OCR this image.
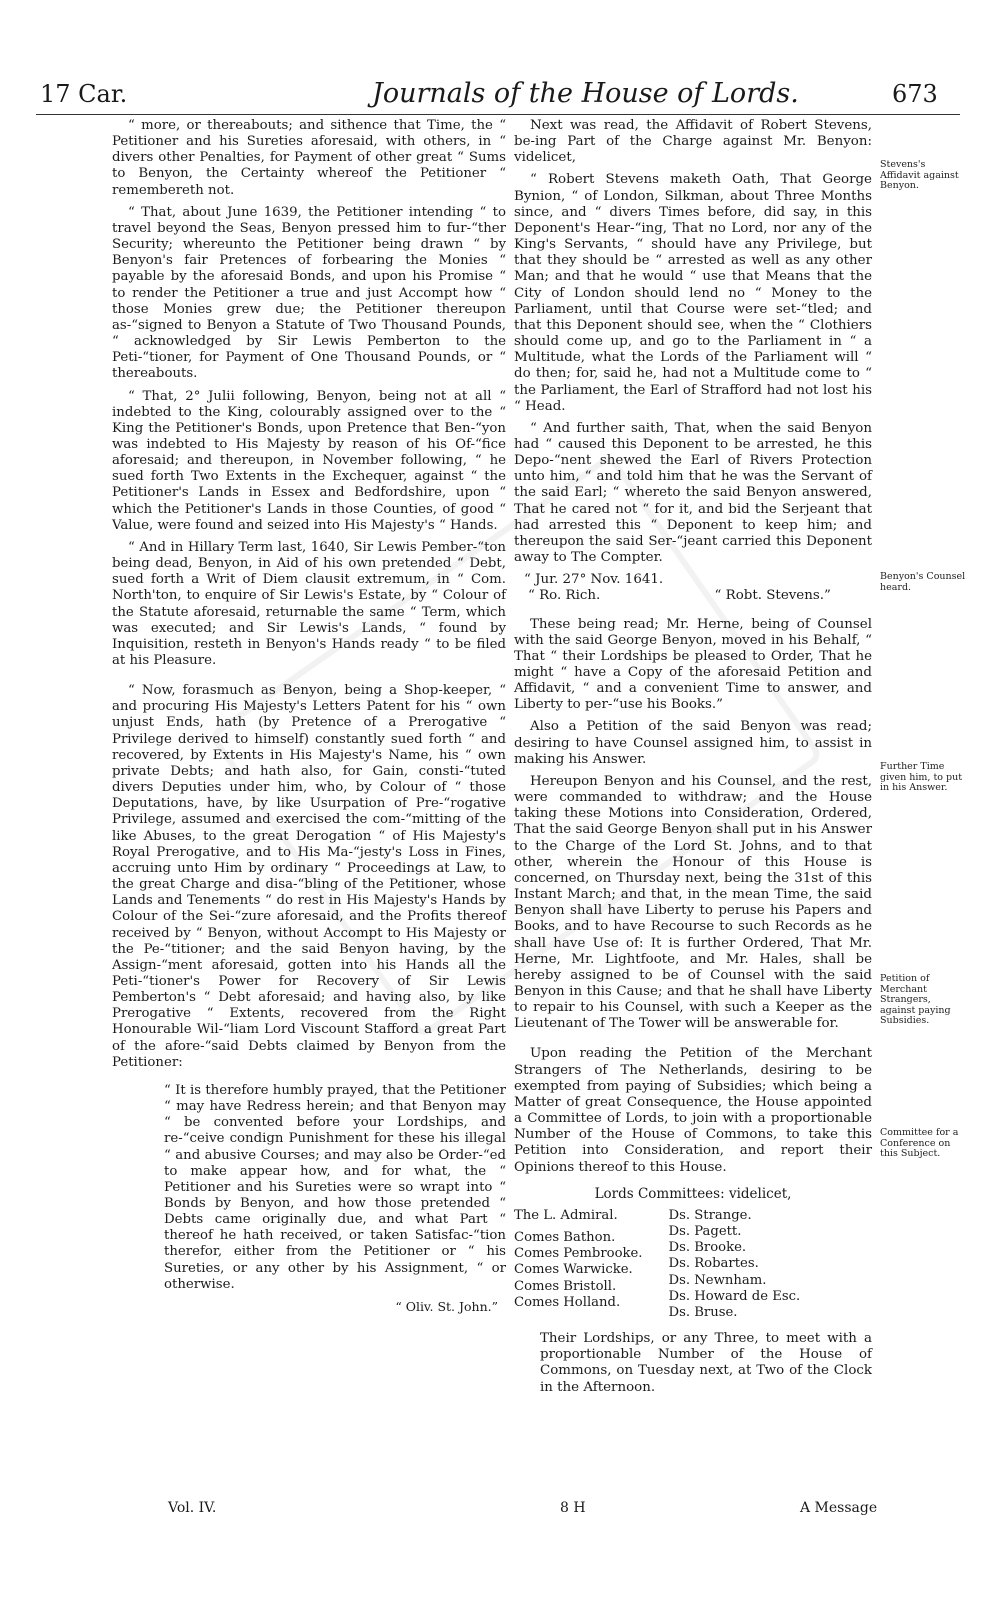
17 Car.	Journals of the House of Lords.	673

“ more, or thereabouts; and sithence that Time, the “ Petitioner and his Sureties aforesaid, with others, in “ divers other Penalties, for Payment of other great “ Sums to Benyon, the Certainty whereof the Petitioner “ remembereth not.

“ That, about June 1639, the Petitioner intending “ to travel beyond the Seas, Benyon pressed him to fur-“ther Security; whereunto the Petitioner being drawn “ by Benyon's fair Pretences of forbearing the Monies “ payable by the aforesaid Bonds, and upon his Promise “ to render the Petitioner a true and just Accompt how “ those Monies grew due; the Petitioner thereupon as-“signed to Benyon a Statute of Two Thousand Pounds, “ acknowledged by Sir Lewis Pemberton to the Peti-“tioner, for Payment of One Thousand Pounds, or “ thereabouts.

“ That, 2° Julii following, Benyon, being not at all “ indebted to the King, colourably assigned over to the “ King the Petitioner's Bonds, upon Pretence that Ben-“yon was indebted to His Majesty by reason of his Of-“fice aforesaid; and thereupon, in November following, “ he sued forth Two Extents in the Exchequer, against “ the Petitioner's Lands in Essex and Bedfordshire, upon “ which the Petitioner's Lands in those Counties, of good “ Value, were found and seized into His Majesty's “ Hands.

“ And in Hillary Term last, 1640, Sir Lewis Pember-“ton being dead, Benyon, in Aid of his own pretended “ Debt, sued forth a Writ of Diem clausit extremum, in “ Com. North'ton, to enquire of Sir Lewis's Estate, by “ Colour of the Statute aforesaid, returnable the same “ Term, which was executed; and Sir Lewis's Lands, “ found by Inquisition, resteth in Benyon's Hands ready “ to be filed at his Pleasure.

“ Now, forasmuch as Benyon, being a Shop-keeper, “ and procuring His Majesty's Letters Patent for his “ own unjust Ends, hath (by Pretence of a Prerogative “ Privilege derived to himself) constantly sued forth “ and recovered, by Extents in His Majesty's Name, his “ own private Debts; and hath also, for Gain, consti-“tuted divers Deputies under him, who, by Colour of “ those Deputations, have, by like Usurpation of Pre-“rogative Privilege, assumed and exercised the com-“mitting of the like Abuses, to the great Derogation “ of His Majesty's Royal Prerogative, and to His Ma-“jesty's Loss in Fines, accruing unto Him by ordinary “ Proceedings at Law, to the great Charge and disa-“bling of the Petitioner, whose Lands and Tenements “ do rest in His Majesty's Hands by Colour of the Sei-“zure aforesaid, and the Profits thereof received by “ Benyon, without Accompt to His Majesty or the Pe-“titioner; and the said Benyon having, by the Assign-“ment aforesaid, gotten into his Hands all the Peti-“tioner's Power for Recovery of Sir Lewis Pemberton's “ Debt aforesaid; and having also, by like Prerogative “ Extents, recovered from the Right Honourable Wil-“liam Lord Viscount Stafford a great Part of the afore-“said Debts claimed by Benyon from the Petitioner:

“ It is therefore humbly prayed, that the Petitioner “ may have Redress herein; and that Benyon may “ be convented before your Lordships, and re-“ceive condign Punishment for these his illegal “ and abusive Courses; and may also be Order-“ed to make appear how, and for what, the “ Petitioner and his Sureties were so wrapt into “ Bonds by Benyon, and how those pretended “ Debts came originally due, and what Part “ thereof he hath received, or taken Satisfac-“tion therefor, either from the Petitioner or “ his Sureties, or any other by his Assignment, “ or otherwise.

“ Oliv. St. John.”

Next was read, the Affidavit of Robert Stevens, be-ing Part of the Charge against Mr. Benyon: videlicet,

“ Robert Stevens maketh Oath, That George Bynion, “ of London, Silkman, about Three Months since, and “ divers Times before, did say, in this Deponent's Hear-“ing, That no Lord, nor any of the King's Servants, “ should have any Privilege, but that they should be “ arrested as well as any other Man; and that he would “ use that Means that the City of London should lend no “ Money to the Parliament, until that Course were set-“tled; and that this Deponent should see, when the “ Clothiers should come up, and go to the Parliament in “ a Multitude, what the Lords of the Parliament will “ do then; for, said he, had not a Multitude come to “ the Parliament, the Earl of Strafford had not lost his “ Head.

“ And further saith, That, when the said Benyon had “ caused this Deponent to be arrested, he this Depo-“nent shewed the Earl of Rivers Protection unto him, “ and told him that he was the Servant of the said Earl; “ whereto the said Benyon answered, That he cared not “ for it, and bid the Serjeant that had arrested this “ Deponent to keep him; and thereupon the said Ser-“jeant carried this Deponent away to The Compter.

“ Jur. 27° Nov. 1641.
“ Ro. Rich.	“ Robt. Stevens.”

These being read; Mr. Herne, being of Counsel with the said George Benyon, moved in his Behalf, “ That “ their Lordships be pleased to Order, That he might “ have a Copy of the aforesaid Petition and Affidavit, “ and a convenient Time to answer, and Liberty to per-“use his Books.”

Also a Petition of the said Benyon was read; desiring to have Counsel assigned him, to assist in making his Answer.

Hereupon Benyon and his Counsel, and the rest, were commanded to withdraw; and the House taking these Motions into Consideration, Ordered, That the said George Benyon shall put in his Answer to the Charge of the Lord St. Johns, and to that other, wherein the Honour of this House is concerned, on Thursday next, being the 31st of this Instant March; and that, in the mean Time, the said Benyon shall have Liberty to peruse his Papers and Books, and to have Recourse to such Records as he shall have Use of: It is further Ordered, That Mr. Herne, Mr. Lightfoote, and Mr. Hales, shall be hereby assigned to be of Counsel with the said Benyon in this Cause; and that he shall have Liberty to repair to his Counsel, with such a Keeper as the Lieutenant of The Tower will be answerable for.

Upon reading the Petition of the Merchant Strangers of The Netherlands, desiring to be exempted from paying of Subsidies; which being a Matter of great Consequence, the House appointed a Committee of Lords, to join with a proportionable Number of the House of Commons, to take this Petition into Consideration, and report their Opinions thereof to this House.

Lords Committees: videlicet,
The L. Admiral.
Comes Bathon.
Comes Pembrooke.
Comes Warwicke.
Comes Bristoll.
Comes Holland.
Ds. Strange.
Ds. Pagett.
Ds. Brooke.
Ds. Robartes.
Ds. Newnham.
Ds. Howard de Esc.
Ds. Bruse.

Their Lordships, or any Three, to meet with a proportionable Number of the House of Commons, on Tuesday next, at Two of the Clock in the Afternoon.

Stevens's Affidavit against Benyon.
Benyon's Counsel heard.
Further Time given him, to put in his Answer.
Petition of Merchant Strangers, against paying Subsidies.
Committee for a Conference on this Subject.
Vol. IV.	8 H	A Message
